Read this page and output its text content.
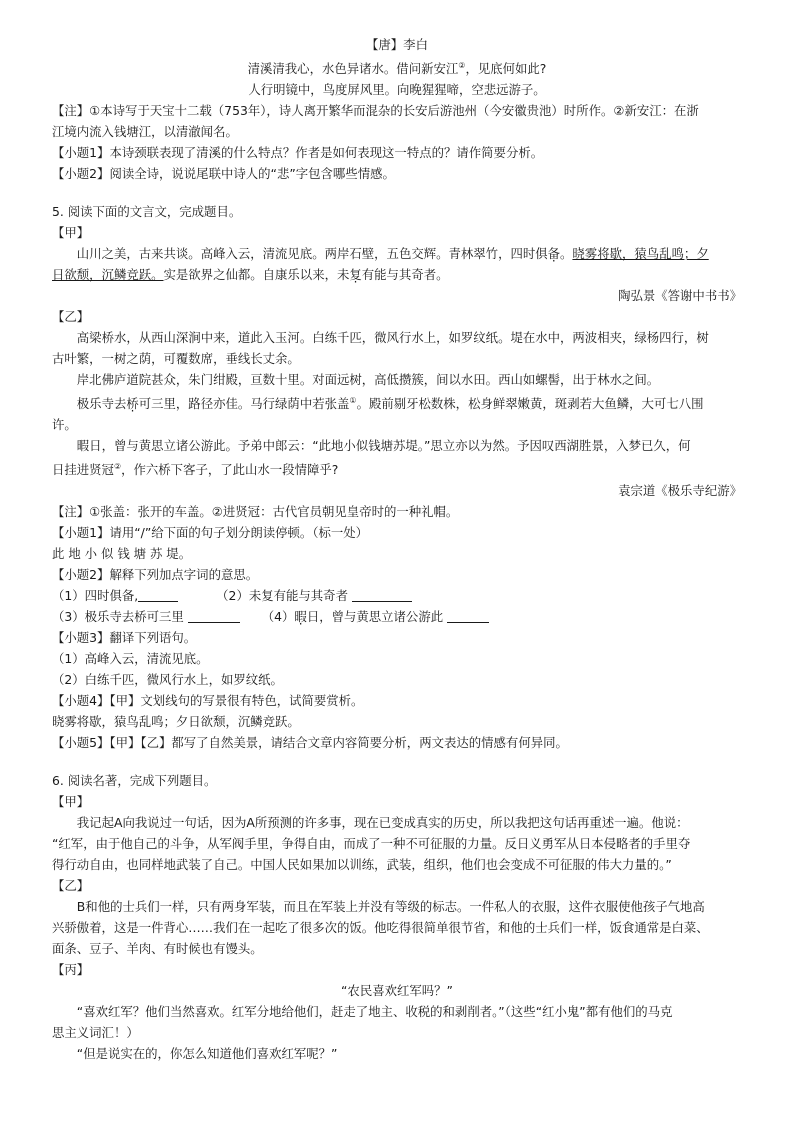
【唐】李白
清溪清我心，水色异诸水。借问新安江②，见底何如此?
人行明镜中，鸟度屏风里。向晚猩猩啼，空悲远游子。
【注】①本诗写于天宝十二载（753年），诗人离开繁华而混杂的长安后游池州（今安徽贵池）时所作。②新安江：在浙
江境内流入钱塘江，以清澈闻名。
【小题1】本诗颈联表现了清溪的什么特点？作者是如何表现这一特点的？请作简要分析。
【小题2】阅读全诗，说说尾联中诗人的“悲”字包含哪些情感。
5. 阅读下面的文言文，完成题目。
【甲】
山川之美，古来共谈。高峰入云，清流见底。两岸石壁，五色交辉。青林翠竹，四时俱备。晓雾将歇，猿鸟乱鸣；夕
日欲颓，沉鳞竞跃。实是欲界之仙都。自康乐以来，未复有能与其奇者。
陶弘景《答谢中书书》
【乙】
高梁桥水，从西山深涧中来，道此入玉河。白练千匹，微风行水上，如罗纹纸。堤在水中，两波相夹，绿杨四行，树
古叶繁，一树之荫，可覆数席，垂线长丈余。
岸北佛庐道院甚众，朱门绀殿，亘数十里。对面远树，高低攒簇，间以水田。西山如螺髻，出于林水之间。
极乐寺去桥可三里，路径亦佳。马行绿荫中若张盖①。殿前剔牙松数株，松身鲜翠嫩黄，斑剥若大鱼鳞，大可七八围
许。
暇日，曾与黄思立诸公游此。予弟中郎云：“此地小似钱塘苏堤。”思立亦以为然。予因叹西湖胜景，入梦已久，何
日挂进贤冠②，作六桥下客子，了此山水一段情障乎?
袁宗道《极乐寺纪游》
【注】①张盖：张开的车盖。②进贤冠：古代官员朝见皇帝时的一种礼帽。
【小题1】请用“/”给下面的句子划分朗读停顿。（标一处）
此 地 小 似 钱 塘 苏 堤。
【小题2】解释下列加点字词的意思。
（1）四时俱备,	（2）未复有能与其奇者
（3）极乐寺去桥可三里	（4）暇日，曾与黄思立诸公游此
【小题3】翻译下列语句。
（1）高峰入云，清流见底。
（2）白练千匹，微风行水上，如罗纹纸。
【小题4】【甲】文划线句的写景很有特色，试简要赏析。
晓雾将歇，猿鸟乱鸣；夕日欲颓，沉鳞竞跃。
【小题5】【甲】【乙】都写了自然美景，请结合文章内容简要分析，两文表达的情感有何异同。
6. 阅读名著，完成下列题目。
【甲】
我记起A向我说过一句话，因为A所预测的许多事，现在已变成真实的历史，所以我把这句话再重述一遍。他说：
“红军，由于他自己的斗争，从军阀手里，争得自由，而成了一种不可征服的力量。反日义勇军从日本侵略者的手里夺
得行动自由，也同样地武装了自己。中国人民如果加以训练，武装，组织，他们也会变成不可征服的伟大力量的。”
【乙】
B和他的士兵们一样，只有两身军装，而且在军装上并没有等级的标志。一件私人的衣服，这件衣服使他孩子气地高
兴骄傲着，这是一件背心……我们在一起吃了很多次的饭。他吃得很简单很节省，和他的士兵们一样，饭食通常是白菜、
面条、豆子、羊肉、有时候也有馒头。
【丙】
“农民喜欢红军吗？”
“喜欢红军？他们当然喜欢。红军分地给他们，赶走了地主、收税的和剥削者。”（这些“红小鬼”都有他们的马克
思主义词汇！）
“但是说实在的，你怎么知道他们喜欢红军呢？”
